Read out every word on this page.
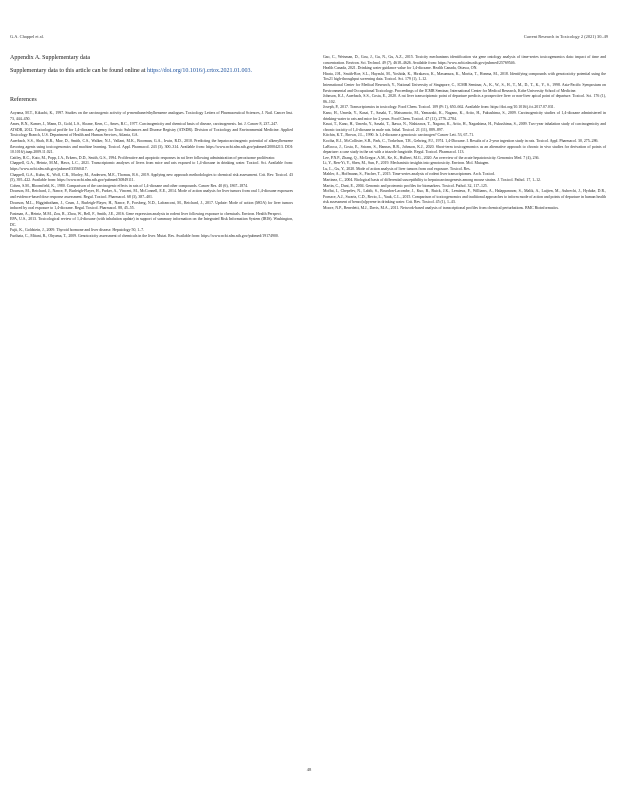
G.A. Chappel et al.	Current Research in Toxicology 2 (2021) 30–49
Appendix A. Supplementary data

Supplementary data to this article can be found online at https://doi.org/10.1016/j.crtox.2021.01.003.

References

Aoyama, M.T., Kikuchi, K., 1997. Studies on the carcinogenic activity of p-menthane/ethylbenzene analogues. Toxicology Letters of Pharmaceutical Sciences, J. Natl. Cancer Inst. 73, 444–450.

Ames, B.N., Kamer, J., Mann, D., Gold, L.S., Sloane, Kern, C., Ames, B.C., 1977. Carcinogenicity and chemical basis of disease, carcinogenesis. Int. J. Cancer 8, 237–247.

ATSDR, 2012. Toxicological profile for 1,4-dioxane. Agency for Toxic Substances and Disease Registry (ATSDR). Division of Toxicology and Environmental Medicine. Applied Toxicology Branch, U.S. Department of Health and Human Services, Atlanta, GA.

Auerbach, S.S., Shah, R.R., Mav, D., Smith, C.S., Walker, N.J., Vallant, M.K., Boorman, G.A., Irwin, R.D., 2010. Predicting the hepatocarcinogenic potential of alkenylbenzene flavoring agents using toxicogenomics and machine learning. Toxicol. Appl. Pharmacol. 243 (3), 300–314. Available from: https://www.ncbi.nlm.nih.gov/pubmed/20004213. DOI: 10.1016/j.taap.2009.11.021.

Cattley, R.C., Kato, M., Popp, J.A., Erkens, D.D., Smith, G.S., 1994. Proliferative and apoptotic responses in rat liver following administration of peroxisome proliferator.

Chappell, G.A., Heintz, M.M., Haws, L.C., 2021. Transcriptomic analyses of livers from mice and rats exposed to 1,4-dioxane in drinking water. Toxicol. Sci. Available from: https://www.ncbi.nlm.nih.gov/pubmed/33560417.

Chappell, G.A., Kuhn, K., Wolf, C.R., Morley, M., Andersen, M.E., Thomas, R.S., 2019. Applying new approach methodologies to chemical risk assessment. Crit. Rev. Toxicol. 43 (5), 395–422. Available from: https://www.ncbi.nlm.nih.gov/pubmed/30849111.

Cohen, S.M., Bloomfield, K., 1980. Comparison of the carcinogenic effects in rats of 1,4-dioxane and other compounds. Cancer Res. 40 (6), 1867–1874.

Dourson, M., Reichard, J., Nance, P., Burleigh-Flayer, H., Parker, A., Vincent, M., McConnell, E.E., 2014. Mode of action analysis for liver tumors from oral 1,4-dioxane exposures and evidence-based dose response assessment. Regul. Toxicol. Pharmacol. 68 (3), 387–401.

Dourson, M.L., Higginbotham, J., Crum, J., Burleigh-Flayer, H., Nance, P., Forsberg, N.D., Lafranconi, M., Reichard, J., 2017. Update: Mode of action (MOA) for liver tumors induced by oral exposure to 1,4-dioxane. Regul. Toxicol. Pharmacol. 88, 45–55.

Fastman, A., Heintz, M.M., Zou, R., Zhou, W., Bell, F., Smith, J.E., 2016. Gene expression analysis in rodent liver following exposure to chemicals. Environ. Health Perspect.

EPA, U.S., 2013. Toxicological review of 1,4-dioxane (with inhalation update) in support of summary information on the Integrated Risk Information System (IRIS). Washington, DC.

Fujii, K., Goldstein, J., 2009. Thyroid hormone and liver disease. Hepatology 50, 1–7.

Furihata, C., Mitani, R., Ohyama, T., 2009. Genotoxicity assessment of chemicals in the liver. Mutat. Res. Available from: https://www.ncbi.nlm.nih.gov/pubmed/19174900.

Gao, C., Weisman, D., Gou, J., Gu, N., Gu, A.Z., 2015. Toxicity mechanisms identification via gene ontology analysis of time-series toxicogenomics data: impact of time and concentration. Environ. Sci. Technol. 49 (7), 4618–4626. Available from: https://www.ncbi.nlm.nih.gov/pubmed/25769546.

Health Canada, 2021. Drinking water guidance value for 1,4-dioxane. Health Canada, Ottawa, ON.

Hirata, J.H., Smith-Roe, S.L., Hayashi, M., Yoshida, K., Hirakawa, K., Masumura, K., Morita, T., Honma, M., 2018. Identifying compounds with genotoxicity potential using the Tox21 high-throughput screening data. Toxicol. Sci. 179 (1), 1–12.

International Center for Medical Research, Y., National University of Singapore, C., ICMR Seminar, A., K., W., S., H., T., M., D., T., K., Y., S., 1998. Asia-Pacific Symposium on Environmental and Occupational Toxicology. Proceedings of the ICMR Seminar, International Center for Medical Research, Kobe University School of Medicine.

Johnson, K.J., Auerbach, S.S., Costa, E., 2020. A rat liver transcriptomic point of departure predicts a prospective liver or non-liver apical point of departure. Toxicol. Sci. 176 (1), 86–102.

Joseph, P., 2017. Transcriptomics in toxicology. Food Chem. Toxicol. 109 (Pt 1), 650–662. Available from: https://doi.org/10.1016/j.fct.2017.07.031.

Kano, H., Umeda, Y., Kasai, T., Sasaki, T., Matsumoto, M., Yamazaki, K., Nagano, K., Arito, H., Fukushima, S., 2009. Carcinogenicity studies of 1,4-dioxane administered in drinking-water to rats and mice for 2 years. Food Chem. Toxicol. 47 (11), 2776–2784.

Kasai, T., Kano, H., Umeda, Y., Sasaki, T., Ikawa, N., Nishizawa, T., Nagano, K., Arito, H., Nagashima, H., Fukushima, S., 2009. Two-year inhalation study of carcinogenicity and chronic toxicity of 1,4-dioxane in male rats. Inhal. Toxicol. 21 (11), 889–897.

Kitchin, K.T., Brown, J.L., 1990. Is 1,4-dioxane a genotoxic carcinogen? Cancer Lett. 53, 67–71.

Kociba, R.J., McCollister, S.B., Park, C., Torkelson, T.R., Gehring, P.J., 1974. 1,4-Dioxane. I. Results of a 2-year ingestion study in rats. Toxicol. Appl. Pharmacol. 30, 275–286.

LaRocca, J., Costa, E., Sriram, S., Hannas, B.R., Johnson, K.J., 2020. Short-term toxicogenomics as an alternative approach to chronic in vivo studies for derivation of points of departure: a case study in the rat with a triazole fungicide. Regul. Toxicol. Pharmacol. 113.

Lee, P.N.P., Zhang, Q., McGregor, A.M., Ke, K., Hulbert, M.G., 2020. An overview of the acute hepatotoxicity. Genomics Med. 7 (4), 236.

Li, Y., Ren-Yi, Y., Shen, M., Sun, F., 2019. Mechanistic insights into genotoxicity. Environ. Mol. Mutagen.

Lu, L., Gu, Y., 2020. Mode of action analysis of liver tumors from oral exposure. Toxicol. Res.

Mahler, A., Hoffmann, S., Fischer, T., 2015. Time-series analysis of rodent liver transcriptomes. Arch. Toxicol.

Martinez, C., 2004. Biological basis of differential susceptibility to hepatocarcinogenesis among mouse strains. J. Toxicol. Pathol. 17, 1–12.

Martin, C., Dani, E., 2004. Genomic and proteomic profiles for biomarkers. Toxicol. Pathol. 32, 117–125.

Moffat, I., Chepelev, N., Labib, S., Bourdon-Lacombe, J., Kuo, B., Buick, J.K., Lemieux, F., Williams, A., Halappanavar, S., Malik, A., Luijten, M., Aubrecht, J., Hyduke, D.R., Fornace, A.J., Swartz, C.D., Recio, L., Yauk, C.L., 2015. Comparison of toxicogenomics and traditional approaches to inform mode of action and points of departure in human health risk assessment of benzo[a]pyrene in drinking water. Crit. Rev. Toxicol. 45 (1), 1–43.

Moore, N.P., Benedetti, M.J., Davis, M.A., 2011. Network-based analysis of transcriptional profiles from chemical perturbations. BMC Bioinformatics.

48
